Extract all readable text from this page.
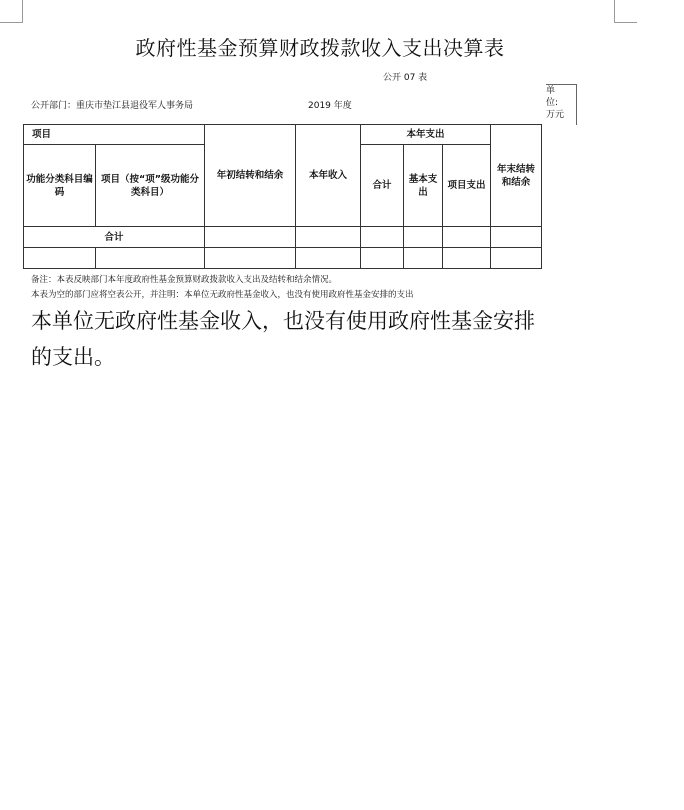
政府性基金预算财政拨款收入支出决算表
公开 07 表
单
位:
万元
公开部门：重庆市垫江县退役军人事务局	2019 年度
项目		年初结转和结余	本年收入	本年支出			年末结转和结余
功能分类科目编码	项目（按“项”级功能分类科目）			合计	基本支出	项目支出	
合计							

备注：本表反映部门本年度政府性基金预算财政拨款收入支出及结转和结余情况。
本表为空的部门应将空表公开，并注明：本单位无政府性基金收入，也没有使用政府性基金安排的支出
本单位无政府性基金收入，也没有使用政府性基金安排的支出。
